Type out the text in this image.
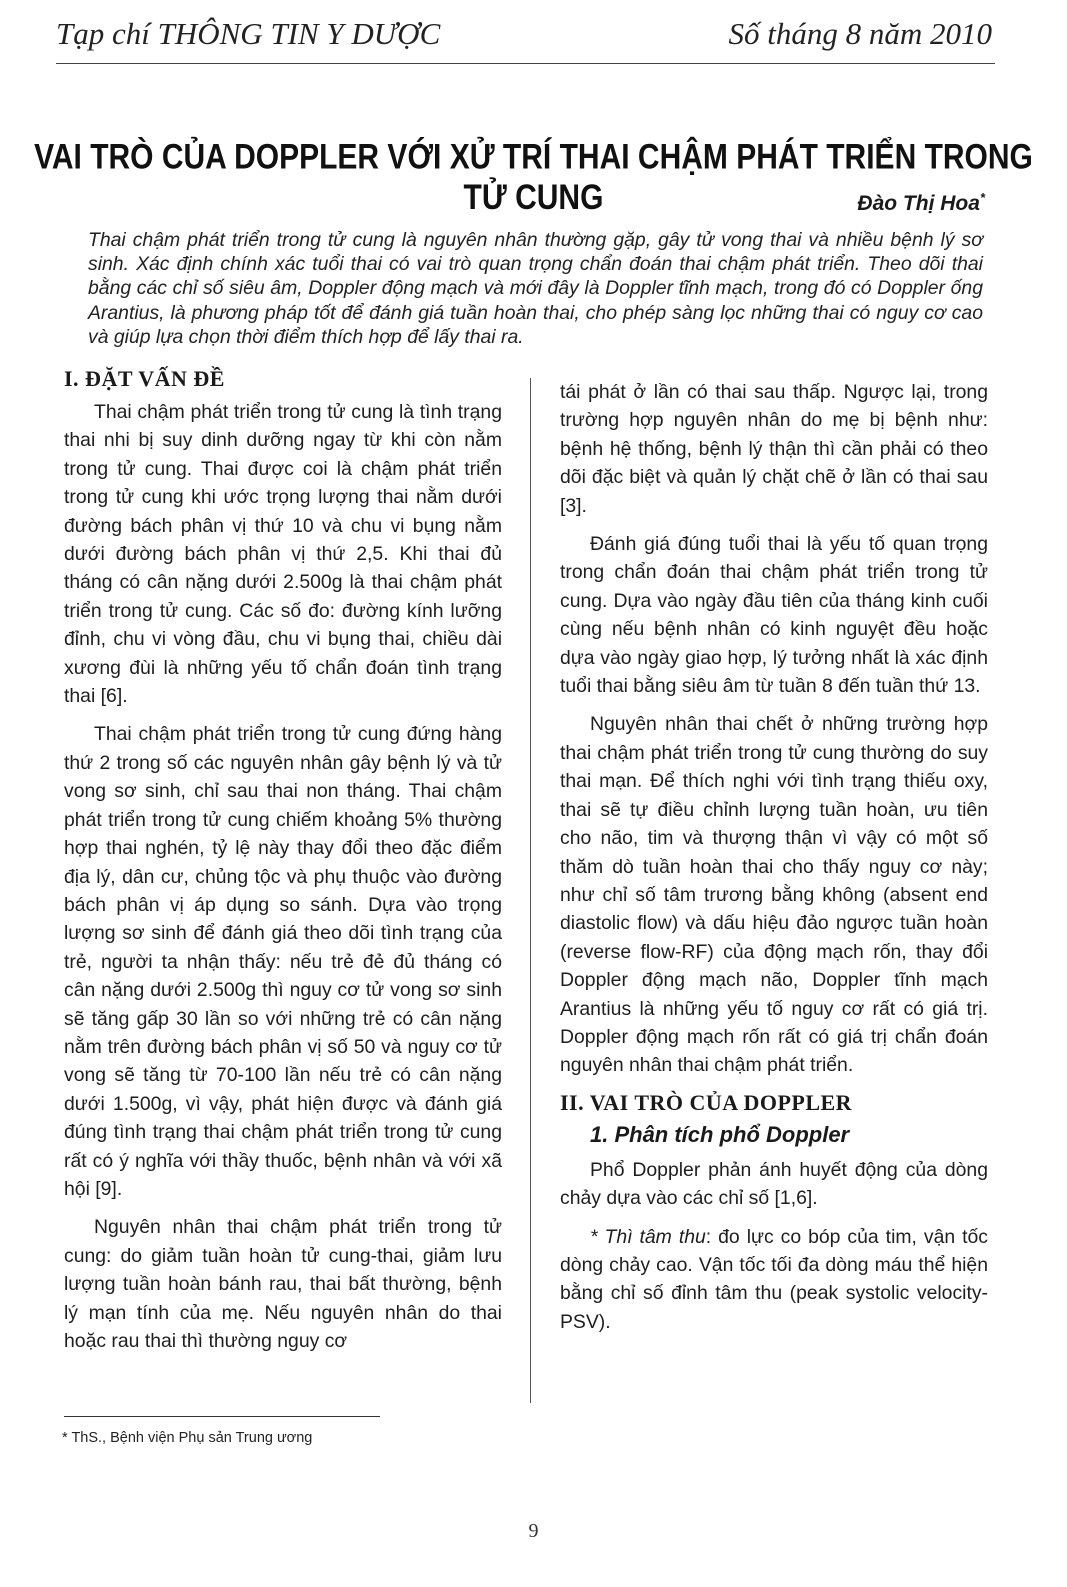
Tạp chí THÔNG TIN Y DƯỢC	Số tháng 8 năm 2010
VAI TRÒ CỦA DOPPLER VỚI XỬ TRÍ THAI CHẬM PHÁT TRIỂN TRONG TỬ CUNG	Đào Thị Hoa*
Thai chậm phát triển trong tử cung là nguyên nhân thường gặp, gây tử vong thai và nhiều bệnh lý sơ sinh. Xác định chính xác tuổi thai có vai trò quan trọng chẩn đoán thai chậm phát triển. Theo dõi thai bằng các chỉ số siêu âm, Doppler động mạch và mới đây là Doppler tĩnh mạch, trong đó có Doppler ống Arantius, là phương pháp tốt để đánh giá tuần hoàn thai, cho phép sàng lọc những thai có nguy cơ cao và giúp lựa chọn thời điểm thích hợp để lấy thai ra.
I. ĐẶT VẤN ĐỀ

Thai chậm phát triển trong tử cung là tình trạng thai nhi bị suy dinh dưỡng ngay từ khi còn nằm trong tử cung. Thai được coi là chậm phát triển trong tử cung khi ước trọng lượng thai nằm dưới đường bách phân vị thứ 10 và chu vi bụng nằm dưới đường bách phân vị thứ 2,5. Khi thai đủ tháng có cân nặng dưới 2.500g là thai chậm phát triển trong tử cung. Các số đo: đường kính lưỡng đỉnh, chu vi vòng đầu, chu vi bụng thai, chiều dài xương đùi là những yếu tố chẩn đoán tình trạng thai [6].

Thai chậm phát triển trong tử cung đứng hàng thứ 2 trong số các nguyên nhân gây bệnh lý và tử vong sơ sinh, chỉ sau thai non tháng. Thai chậm phát triển trong tử cung chiếm khoảng 5% thường hợp thai nghén, tỷ lệ này thay đổi theo đặc điểm địa lý, dân cư, chủng tộc và phụ thuộc vào đường bách phân vị áp dụng so sánh. Dựa vào trọng lượng sơ sinh để đánh giá theo dõi tình trạng của trẻ, người ta nhận thấy: nếu trẻ đẻ đủ tháng có cân nặng dưới 2.500g thì nguy cơ tử vong sơ sinh sẽ tăng gấp 30 lần so với những trẻ có cân nặng nằm trên đường bách phân vị số 50 và nguy cơ tử vong sẽ tăng từ 70-100 lần nếu trẻ có cân nặng dưới 1.500g, vì vậy, phát hiện được và đánh giá đúng tình trạng thai chậm phát triển trong tử cung rất có ý nghĩa với thầy thuốc, bệnh nhân và với xã hội [9].

Nguyên nhân thai chậm phát triển trong tử cung: do giảm tuần hoàn tử cung-thai, giảm lưu lượng tuần hoàn bánh rau, thai bất thường, bệnh lý mạn tính của mẹ. Nếu nguyên nhân do thai hoặc rau thai thì thường nguy cơ

tái phát ở lần có thai sau thấp. Ngược lại, trong trường hợp nguyên nhân do mẹ bị bệnh như: bệnh hệ thống, bệnh lý thận thì cần phải có theo dõi đặc biệt và quản lý chặt chẽ ở lần có thai sau [3].

Đánh giá đúng tuổi thai là yếu tố quan trọng trong chẩn đoán thai chậm phát triển trong tử cung. Dựa vào ngày đầu tiên của tháng kinh cuối cùng nếu bệnh nhân có kinh nguyệt đều hoặc dựa vào ngày giao hợp, lý tưởng nhất là xác định tuổi thai bằng siêu âm từ tuần 8 đến tuần thứ 13.

Nguyên nhân thai chết ở những trường hợp thai chậm phát triển trong tử cung thường do suy thai mạn. Để thích nghi với tình trạng thiếu oxy, thai sẽ tự điều chỉnh lượng tuần hoàn, ưu tiên cho não, tim và thượng thận vì vậy có một số thăm dò tuần hoàn thai cho thấy nguy cơ này; như chỉ số tâm trương bằng không (absent end diastolic flow) và dấu hiệu đảo ngược tuần hoàn (reverse flow-RF) của động mạch rốn, thay đổi Doppler động mạch não, Doppler tĩnh mạch Arantius là những yếu tố nguy cơ rất có giá trị. Doppler động mạch rốn rất có giá trị chẩn đoán nguyên nhân thai chậm phát triển.

II. VAI TRÒ CỦA DOPPLER
1. Phân tích phổ Doppler

Phổ Doppler phản ánh huyết động của dòng chảy dựa vào các chỉ số [1,6].

* Thì tâm thu: đo lực co bóp của tim, vận tốc dòng chảy cao. Vận tốc tối đa dòng máu thể hiện bằng chỉ số đỉnh tâm thu (peak systolic velocity- PSV).

* ThS., Bệnh viện Phụ sản Trung ương
9
